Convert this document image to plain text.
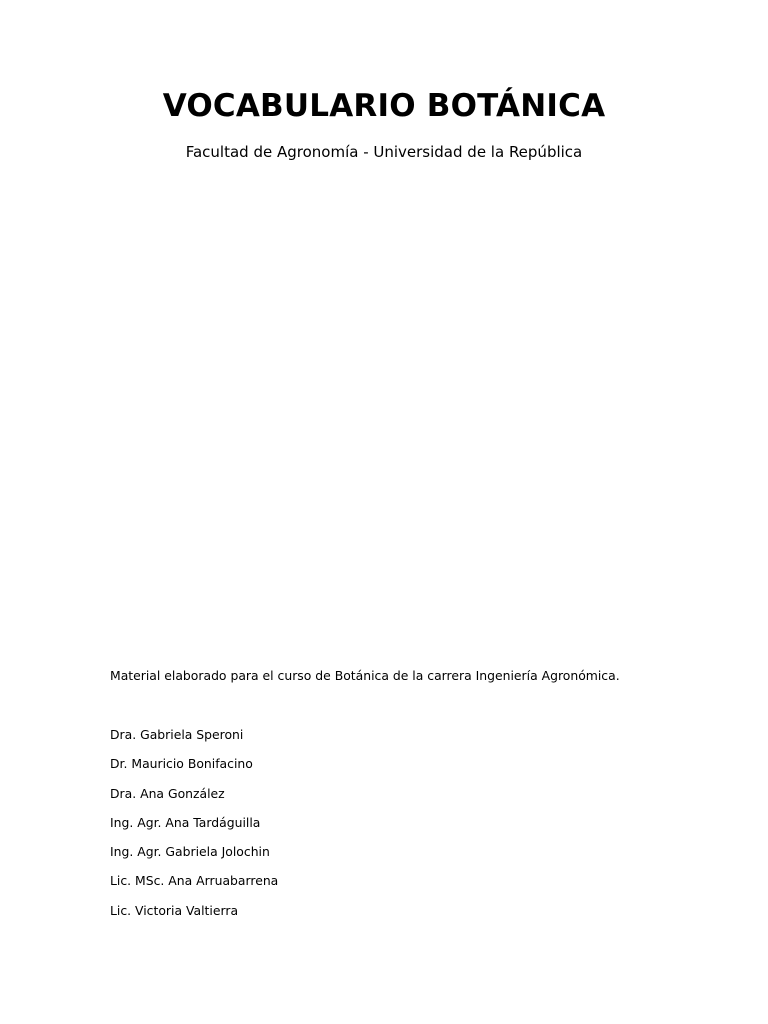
VOCABULARIO BOTÁNICA

Facultad de Agronomía - Universidad de la República

Material elaborado para el curso de Botánica de la carrera Ingeniería Agronómica.

Dra. Gabriela Speroni
Dr. Mauricio Bonifacino
Dra. Ana González
Ing. Agr. Ana Tardáguilla
Ing. Agr. Gabriela Jolochin
Lic. MSc. Ana Arruabarrena
Lic. Victoria Valtierra
